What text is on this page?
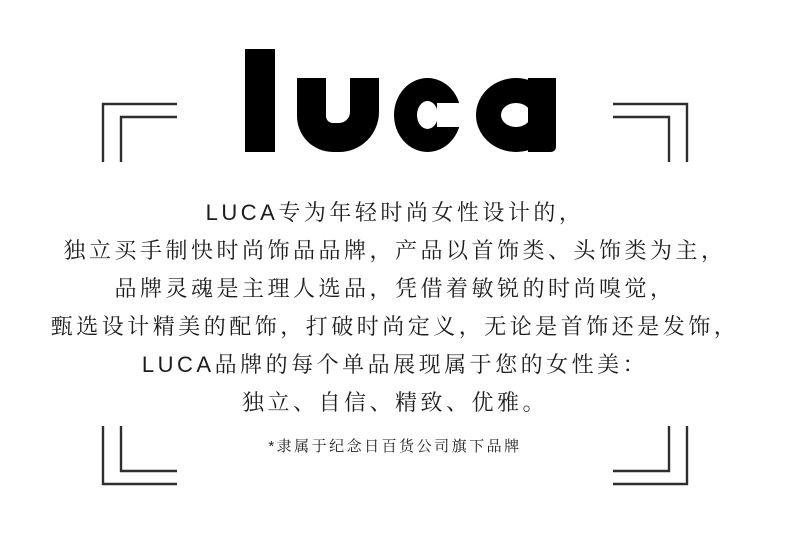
LUCA专为年轻时尚女性设计的，

独立买手制快时尚饰品品牌，产品以首饰类、头饰类为主，

品牌灵魂是主理人选品，凭借着敏锐的时尚嗅觉，

甄选设计精美的配饰，打破时尚定义，无论是首饰还是发饰，

LUCA品牌的每个单品展现属于您的女性美：

独立、自信、精致、优雅。

*隶属于纪念日百货公司旗下品牌
